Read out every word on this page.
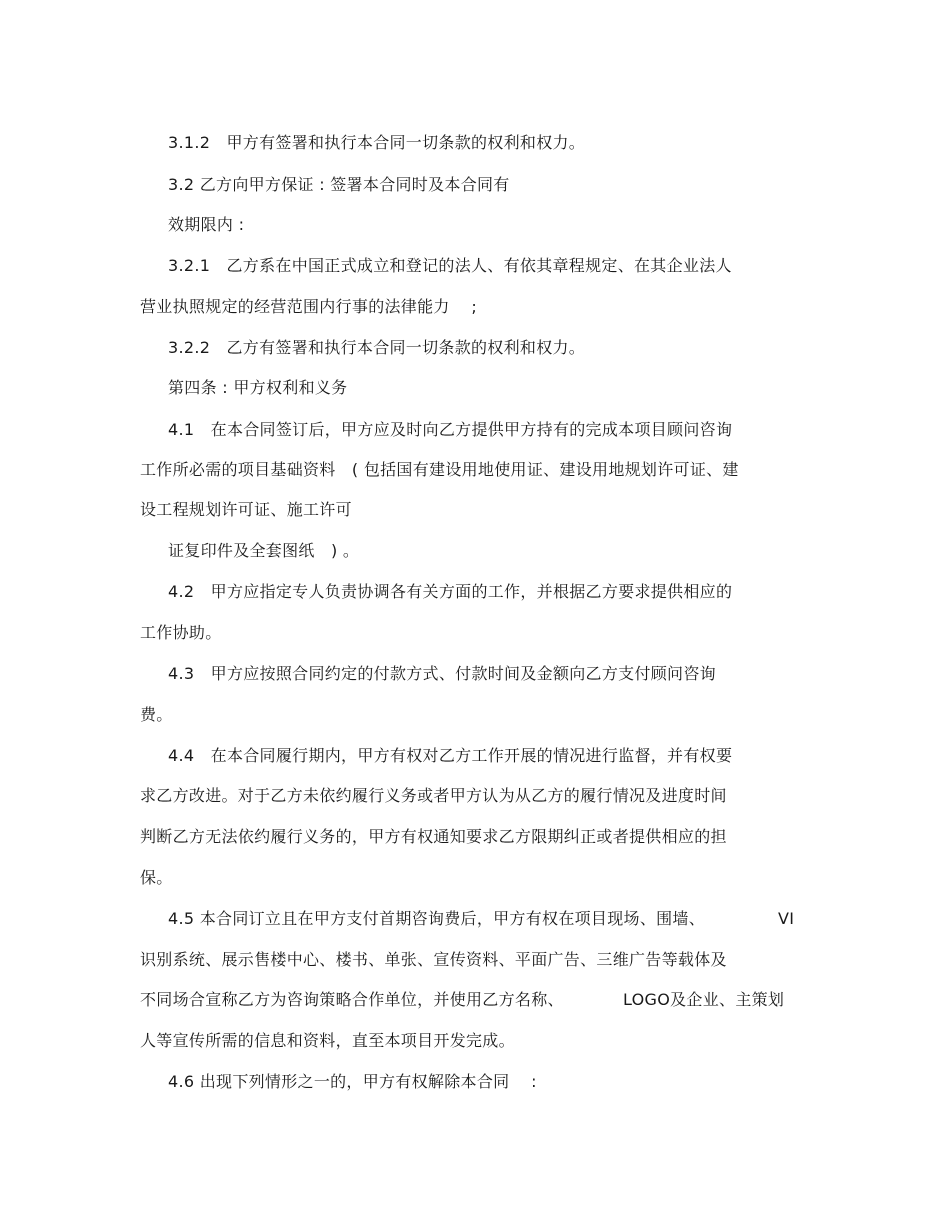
3.1.2　甲方有签署和执行本合同一切条款的权利和权力。
3.2 乙方向甲方保证 : 签署本合同时及本合同有
效期限内 :
3.2.1　乙方系在中国正式成立和登记的法人、有依其章程规定、在其企业法人
营业执照规定的经营范围内行事的法律能力　 ;
3.2.2　乙方有签署和执行本合同一切条款的权利和权力。
第四条 : 甲方权利和义务
4.1　在本合同签订后，甲方应及时向乙方提供甲方持有的完成本项目顾问咨询
工作所必需的项目基础资料　( 包括国有建设用地使用证、建设用地规划许可证、建
设工程规划许可证、施工许可
证复印件及全套图纸　) 。
4.2　甲方应指定专人负责协调各有关方面的工作，并根据乙方要求提供相应的
工作协助。
4.3　甲方应按照合同约定的付款方式、付款时间及金额向乙方支付顾问咨询
费。
4.4　在本合同履行期内，甲方有权对乙方工作开展的情况进行监督，并有权要
求乙方改进。对于乙方未依约履行义务或者甲方认为从乙方的履行情况及进度时间
判断乙方无法依约履行义务的，甲方有权通知要求乙方限期纠正或者提供相应的担
保。
4.5 本合同订立且在甲方支付首期咨询费后，甲方有权在项目现场、围墙、	VI
识别系统、展示售楼中心、楼书、单张、宣传资料、平面广告、三维广告等载体及
不同场合宣称乙方为咨询策略合作单位，并使用乙方名称、	LOGO及企业、主策划
人等宣传所需的信息和资料，直至本项目开发完成。
4.6 出现下列情形之一的，甲方有权解除本合同　 :
